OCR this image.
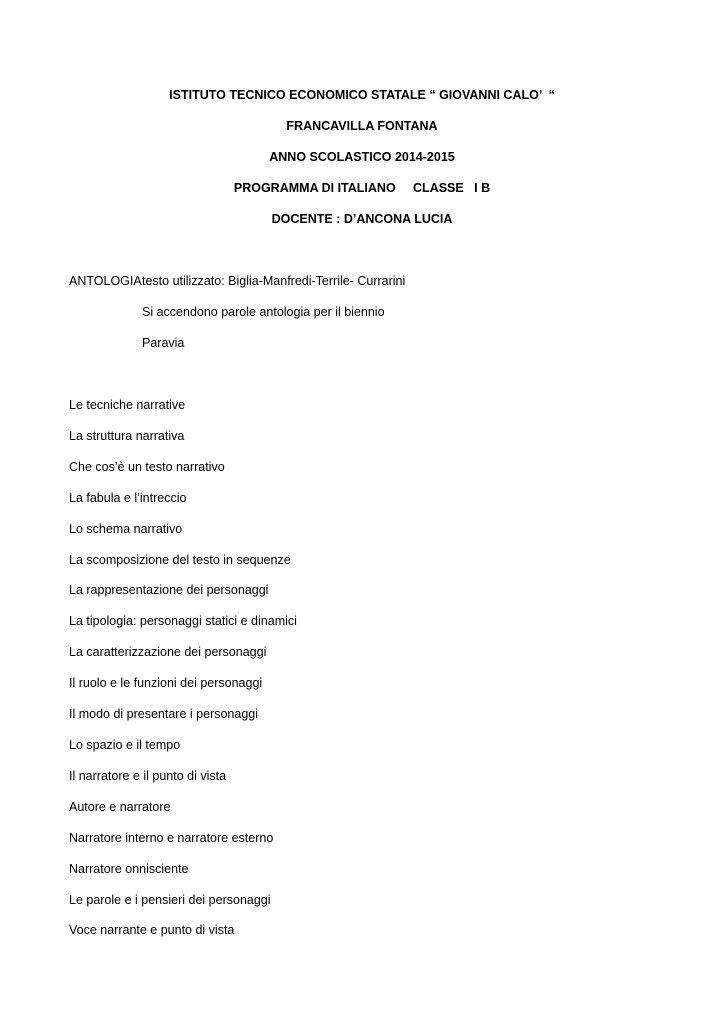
ISTITUTO TECNICO ECONOMICO STATALE “ GIOVANNI CALO’  “
FRANCAVILLA FONTANA
ANNO SCOLASTICO 2014-2015
PROGRAMMA DI ITALIANO     CLASSE   I B
DOCENTE : D’ANCONA LUCIA
ANTOLOGIA testo utilizzato: Biglia-Manfredi-Terrile- Currarini
Si accendono parole antologia per il biennio
Paravia
Le tecniche narrative
La struttura narrativa
Che cos’è un testo narrativo
La fabula e l’intreccio
Lo schema narrativo
La scomposizione del testo in sequenze
La rappresentazione dei personaggi
La tipologia: personaggi statici e dinamici
La caratterizzazione dei personaggi
Il ruolo e le funzioni dei personaggi
Il modo di presentare i personaggi
Lo spazio e il tempo
Il narratore e il punto di vista
Autore e narratore
Narratore interno e narratore esterno
Narratore onnisciente
Le parole e i pensieri dei personaggi
Voce narrante e punto di vista
